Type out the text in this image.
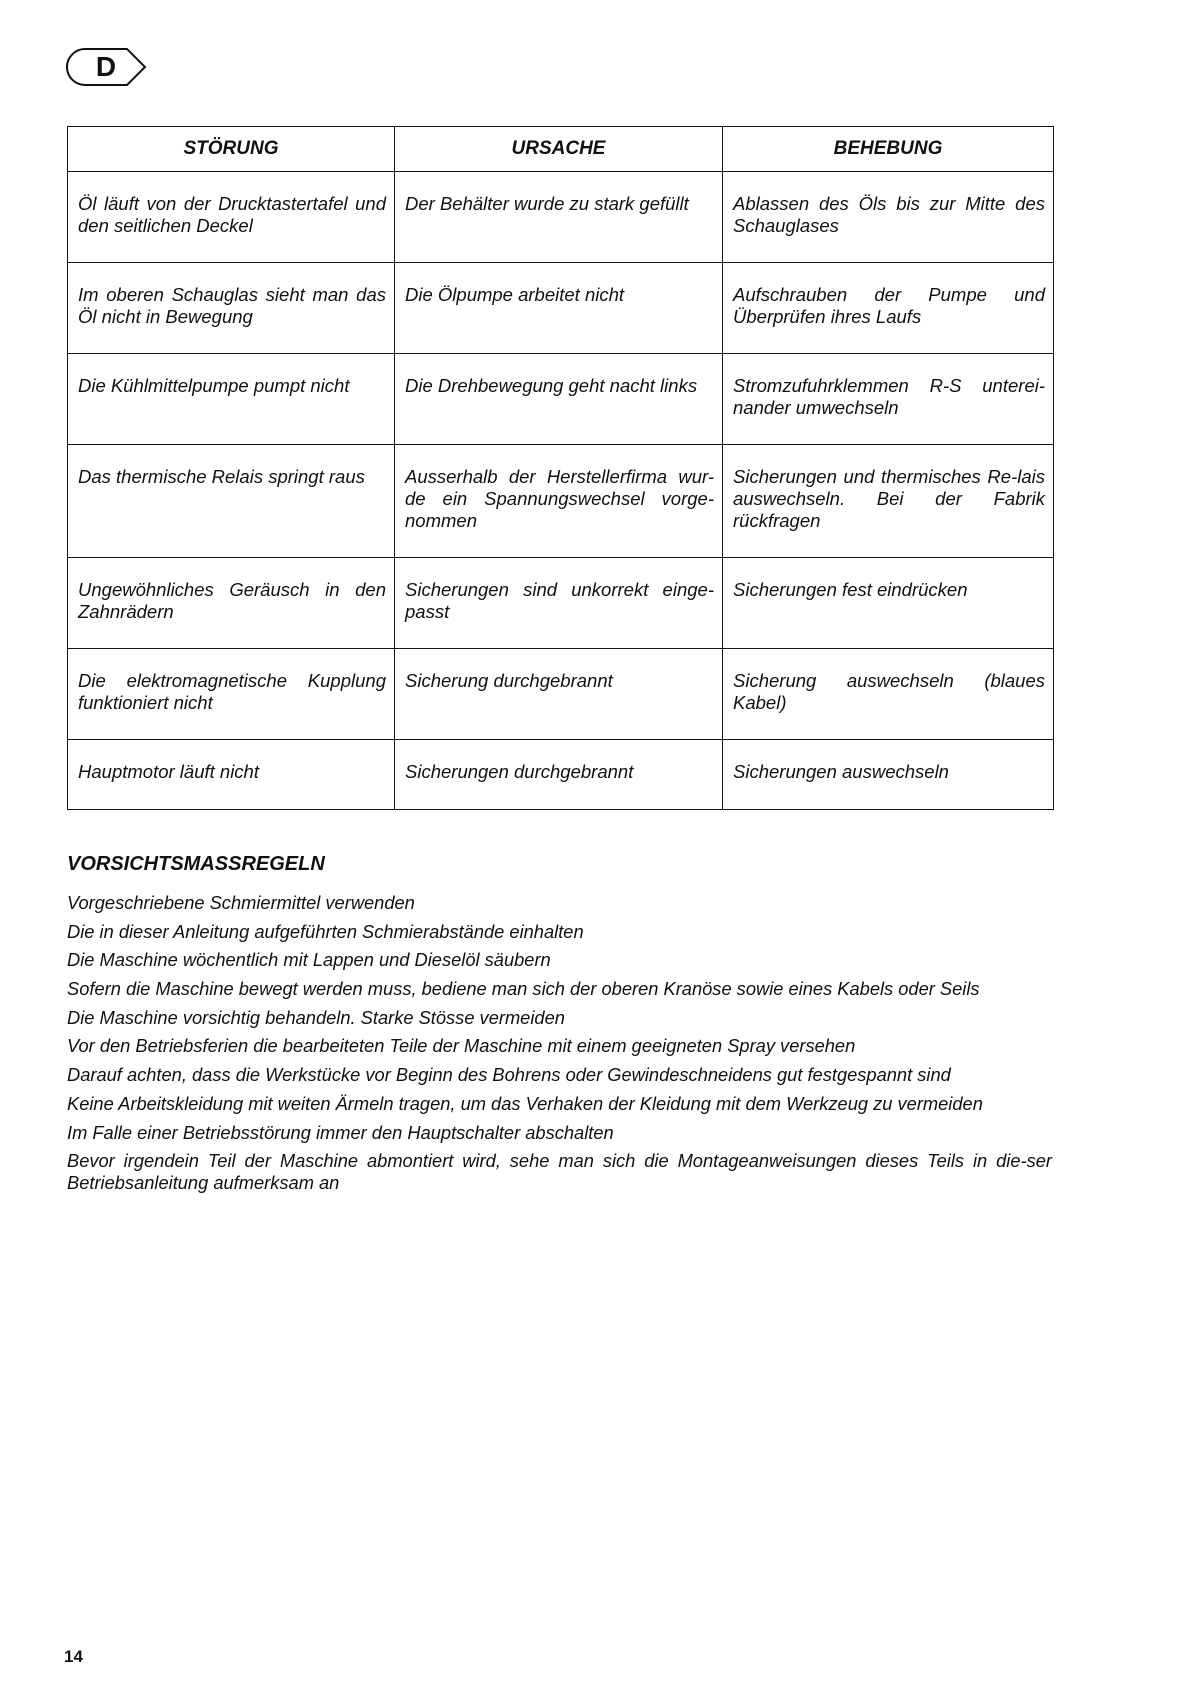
D
STÖRUNG	URSACHE	BEHEBUNG
Öl läuft von der Drucktastertafel und den seitlichen Deckel	Der Behälter wurde zu stark gefüllt	Ablassen des Öls bis zur Mitte des Schauglases
Im oberen Schauglas sieht man das Öl nicht in Bewegung	Die Ölpumpe arbeitet nicht	Aufschrauben der Pumpe und Überprüfen ihres Laufs
Die Kühlmittelpumpe pumpt nicht	Die Drehbewegung geht nacht links	Stromzufuhrklemmen R-S unterei-nander umwechseln
Das thermische Relais springt raus	Ausserhalb der Herstellerfirma wur-de ein Spannungswechsel vorge-nommen	Sicherungen und thermisches Re-lais auswechseln. Bei der Fabrik rückfragen
Ungewöhnliches Geräusch in den Zahnrädern	Sicherungen sind unkorrekt einge-passt	Sicherungen fest eindrücken
Die elektromagnetische Kupplung funktioniert nicht	Sicherung durchgebrannt	Sicherung auswechseln (blaues Kabel)
Hauptmotor läuft nicht	Sicherungen durchgebrannt	Sicherungen auswechseln
VORSICHTSMASSREGELN
Vorgeschriebene Schmiermittel verwenden
Die in dieser Anleitung aufgeführten Schmierabstände einhalten
Die Maschine wöchentlich mit Lappen und Dieselöl säubern
Sofern die Maschine bewegt werden muss, bediene man sich der oberen Kranöse sowie eines Kabels oder Seils
Die Maschine vorsichtig behandeln. Starke Stösse vermeiden
Vor den Betriebsferien die bearbeiteten Teile der Maschine mit einem geeigneten Spray versehen
Darauf achten, dass die Werkstücke vor Beginn des Bohrens oder Gewindeschneidens gut festgespannt sind
Keine Arbeitskleidung mit weiten Ärmeln tragen, um das Verhaken der Kleidung mit dem Werkzeug zu vermeiden
Im Falle einer Betriebsstörung immer den Hauptschalter abschalten
Bevor irgendein Teil der Maschine abmontiert wird, sehe man sich die Montageanweisungen dieses Teils in die-ser Betriebsanleitung aufmerksam an
14
